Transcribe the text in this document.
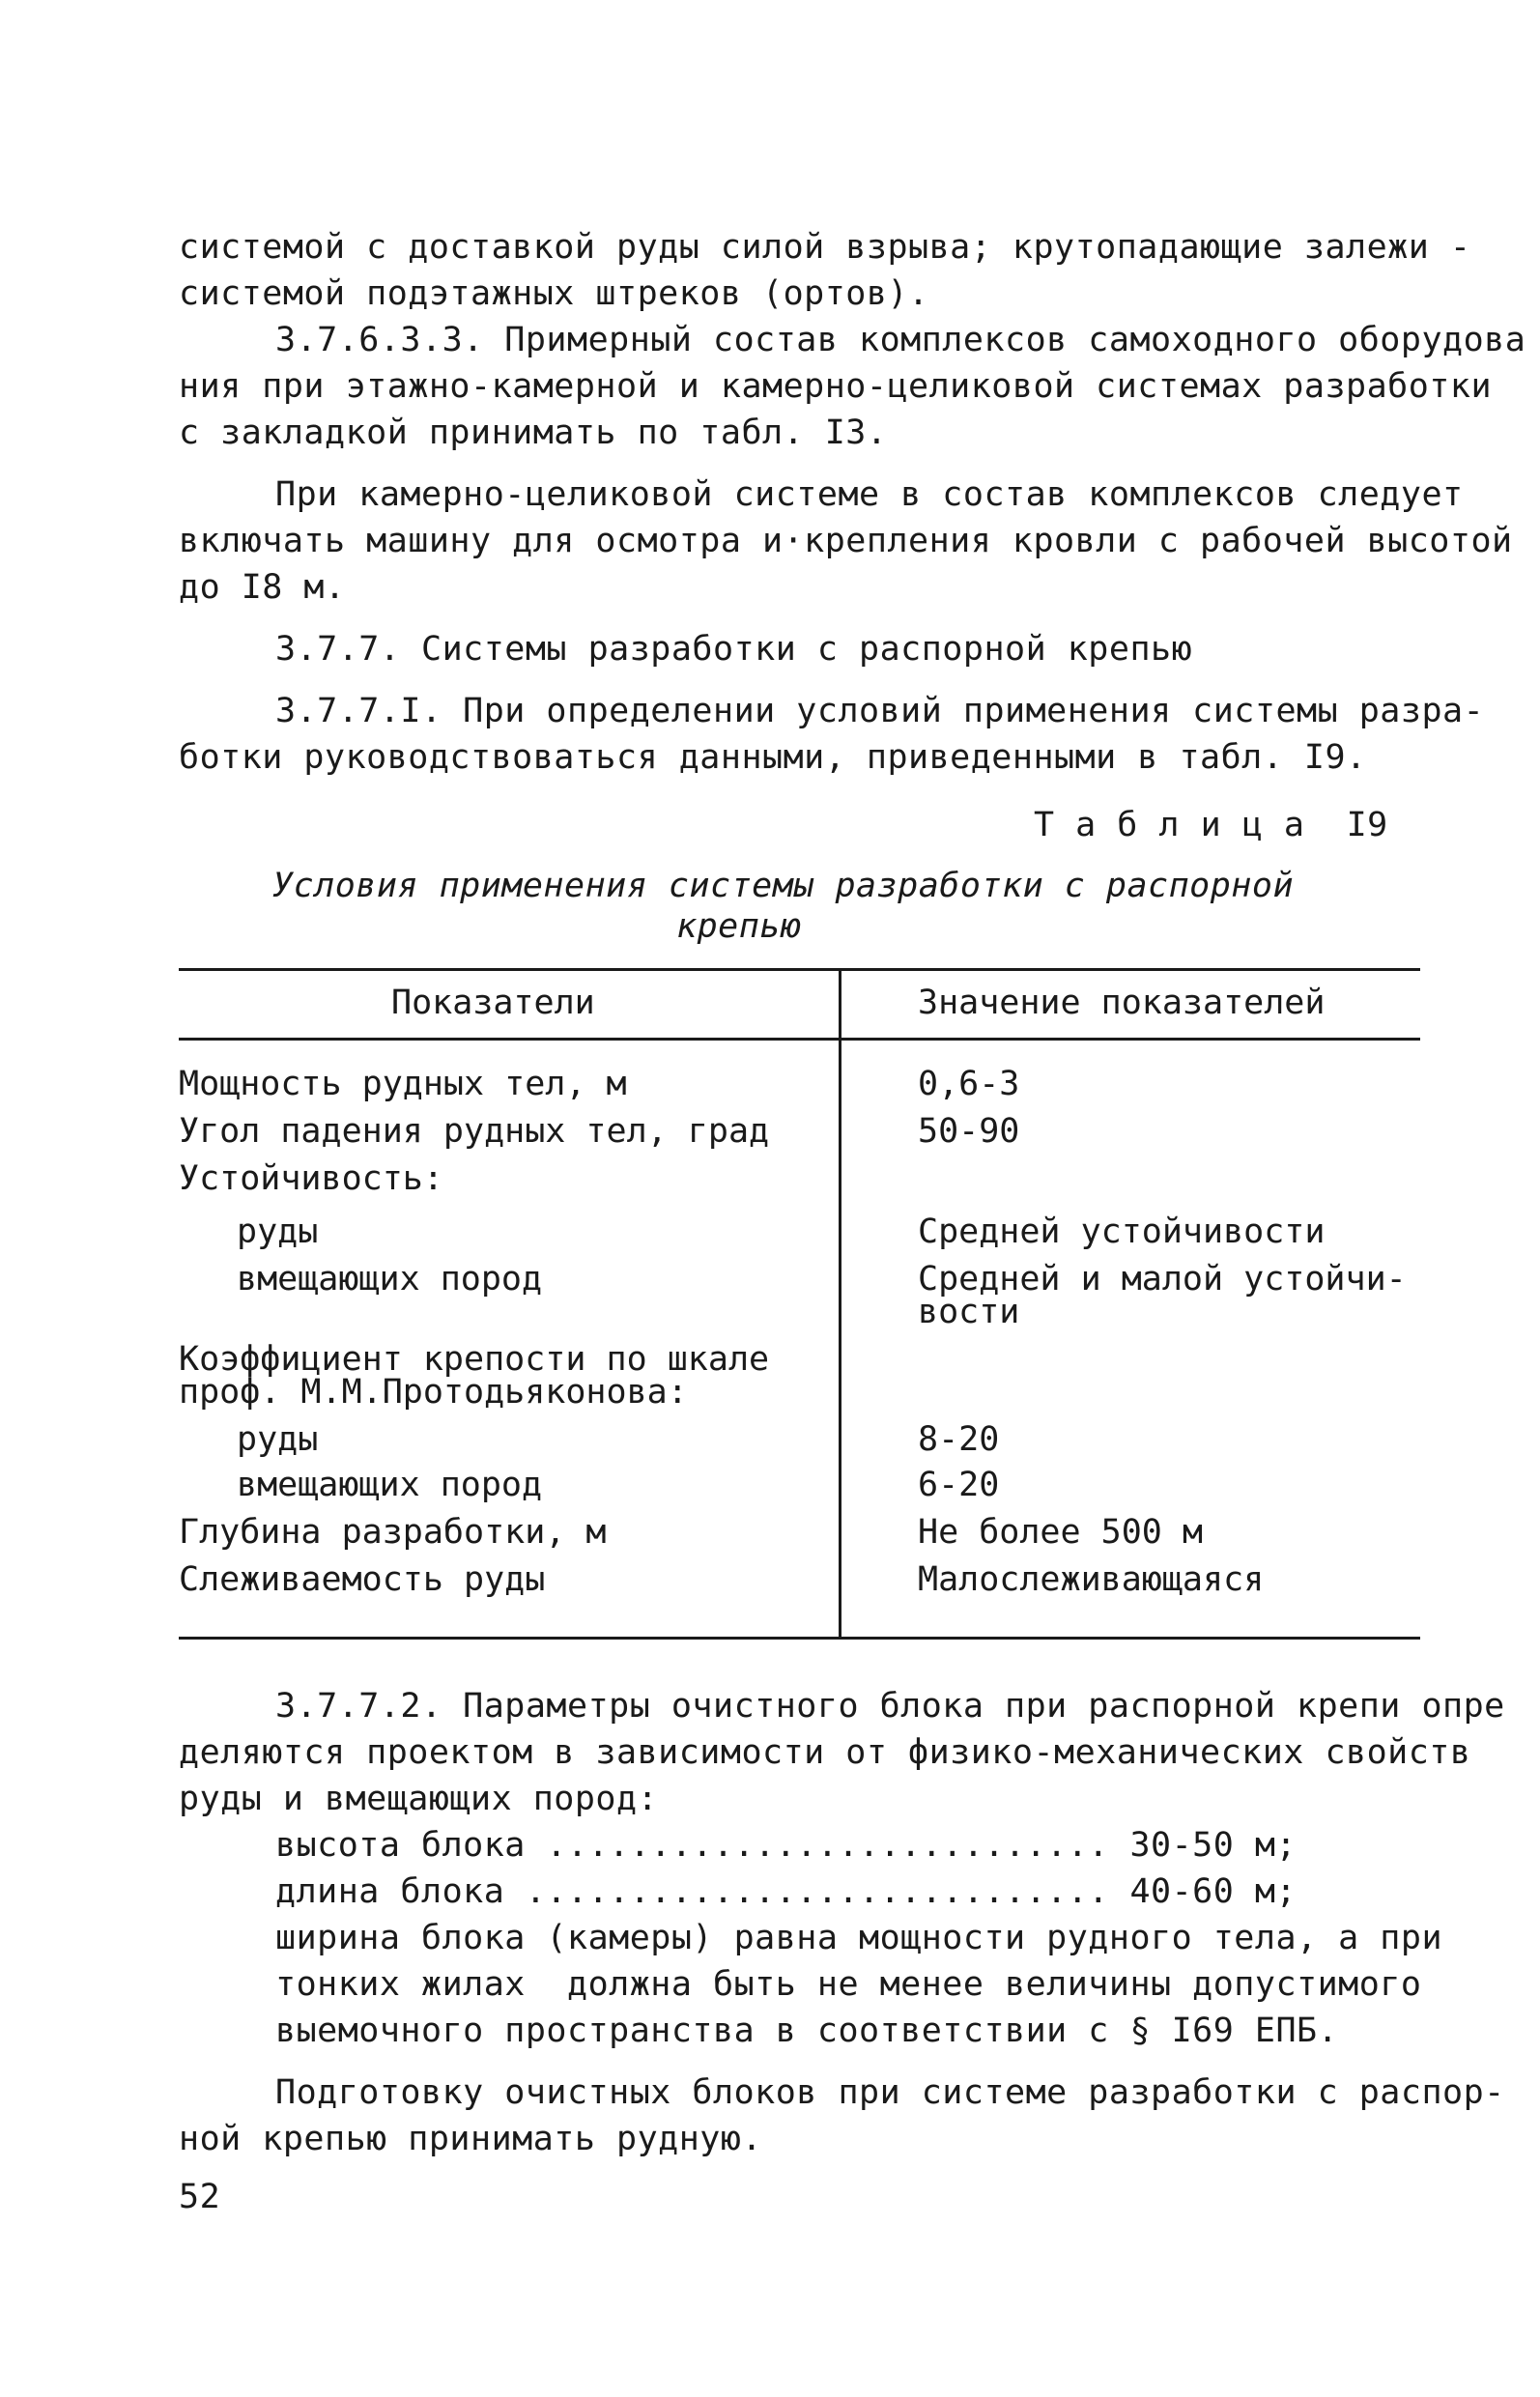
системой с доставкой руды силой взрыва; крутопадающие залежи -
системой подэтажных штреков (ортов).
3.7.6.3.3. Примерный состав комплексов самоходного оборудова
ния при этажно-камерной и камерно-целиковой системах разработки
с закладкой принимать по табл. I3.
При камерно-целиковой системе в состав комплексов следует
включать машину для осмотра и·крепления кровли с рабочей высотой
до I8 м.
3.7.7. Системы разработки с распорной крепью
3.7.7.I. При определении условий применения системы разра-
ботки руководствоваться данными, приведенными в табл. I9.
Т а б л и ц а  I9
Условия применения системы разработки с распорной
крепью
Показатели	Значение показателей
Мощность рудных тел, м	0,6-3
Угол падения рудных тел, град	50-90
Устойчивость:
руды	Средней устойчивости
вмещающих пород	Средней и малой устойчи-
вости
Коэффициент крепости по шкале
проф. М.М.Протодьяконова:
руды	8-20
вмещающих пород	6-20
Глубина разработки, м	Не более 500 м
Слеживаемость руды	Малослеживающаяся
3.7.7.2. Параметры очистного блока при распорной крепи опре
деляются проектом в зависимости от физико-механических свойств
руды и вмещающих пород:
высота блока ........................... 30-50 м;
длина блока ............................ 40-60 м;
ширина блока (камеры) равна мощности рудного тела, а при
тонких жилах  должна быть не менее величины допустимого
выемочного пространства в соответствии с § I69 ЕПБ.
Подготовку очистных блоков при системе разработки с распор-
ной крепью принимать рудную.
52
